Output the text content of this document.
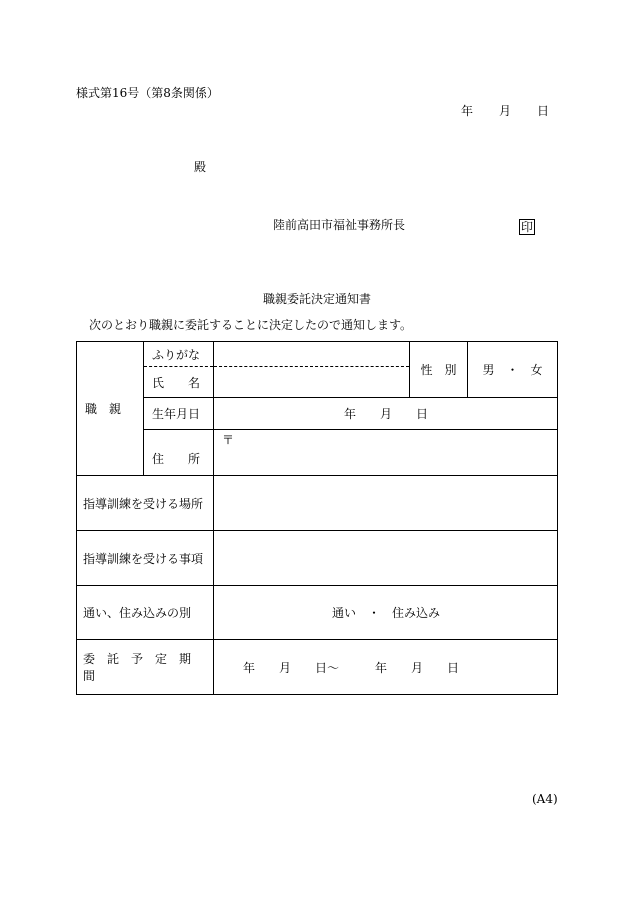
様式第16号（第8条関係）
年 月 日
殿
陸前高田市福祉事務所長	印
職親委託決定通知書
次のとおり職親に委託することに決定したので通知します。
職　親	ふりがな		性　別	男　・　女

	氏　　名			

	生年月日	年　　月　　日		

	住　　所	〒		

指導訓練を受ける場所				

指導訓練を受ける事項				

通い、住み込みの別		通い　・　住み込み		

委　託　予　定　期　間		年　　月　　日〜　　　年　　月　　日		
(A4)
